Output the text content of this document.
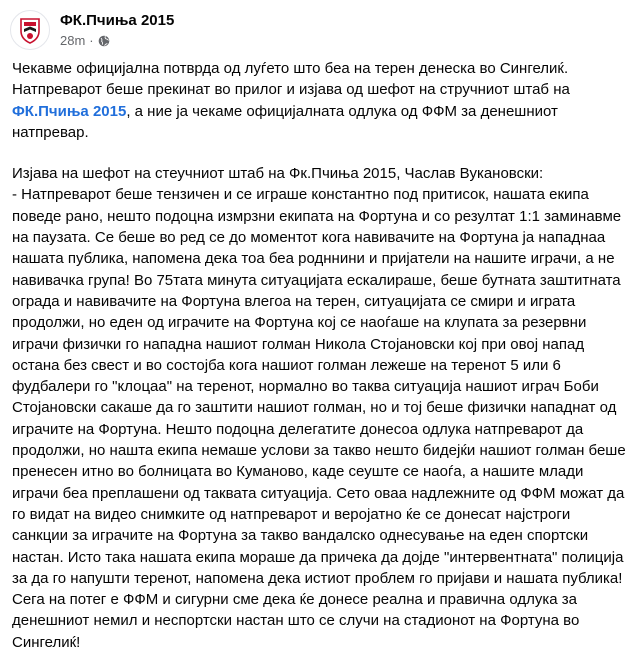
ФК.Пчиња 2015
28m ·

Чекавме официјална потврда од луѓето што беа на терен денеска во Сингелиќ. Натпреварот беше прекинат во прилог и изјава од шефот на стручниот штаб на ФК.Пчиња 2015, а ние ја чекаме официјалната одлука од ФФМ за денешниот натпревар.

Изјава на шефот на стеучниот штаб на Фк.Пчиња 2015, Часлав Вукановски:
- Натпреварот беше тензичен и се играше константно под притисок, нашата екипа поведе рано, нешто подоцна измрзни екипата на Фортуна и со резултат 1:1 заминавме на паузата. Се беше во ред се до моментот кога навивачите на Фортуна ја нападнаа нашата публика, напомена дека тоа беа родннини и пријатели на нашите играчи, а не навивачка група! Во 75тата минута ситуацијата ескалираше, беше бутната заштитната ограда и навивачите на Фортуна влегоа на терен, ситуацијата се смири и играта продолжи, но еден од играчите на Фортуна кој се наоѓаше на клупата за резервни играчи физички го нападна нашиот голман Никола Стојановски кој при овој напад остана без свест и во состојба кога нашиот голман лежеше на теренот 5 или 6 фудбалери го "клоцаа" на теренот, нормално во таква ситуација нашиот играч Боби Стојановски сакаше да го заштити нашиот голман, но и тој беше физички нападнат од играчите на Фортуна. Нешто подоцна делегатите донесоа одлука натпреварот да продолжи, но нашта екипа немаше услови за такво нешто бидејќи нашиот голман беше пренесен итно во болницата во Куманово, каде сеуште се наоѓа, а нашите млади играчи беа преплашени од таквата ситуација. Сето оваа надлежните од ФФМ можат да го видат на видео снимките од натпреварот и веројатно ќе се донесат најстроги санкции за играчите на Фортуна за такво вандалско однесување на еден спортски настан. Исто така нашата екипа мораше да причека да дојде "интервентната" полиција за да го напушти теренот, напомена дека истиот проблем го пријави и нашата публика! Сега на потег е ФФМ и сигурни сме дека ќе донесе реална и правична одлука за денешниот немил и неспортски настан што се случи на стадионот на Фортуна во Сингелиќ!
